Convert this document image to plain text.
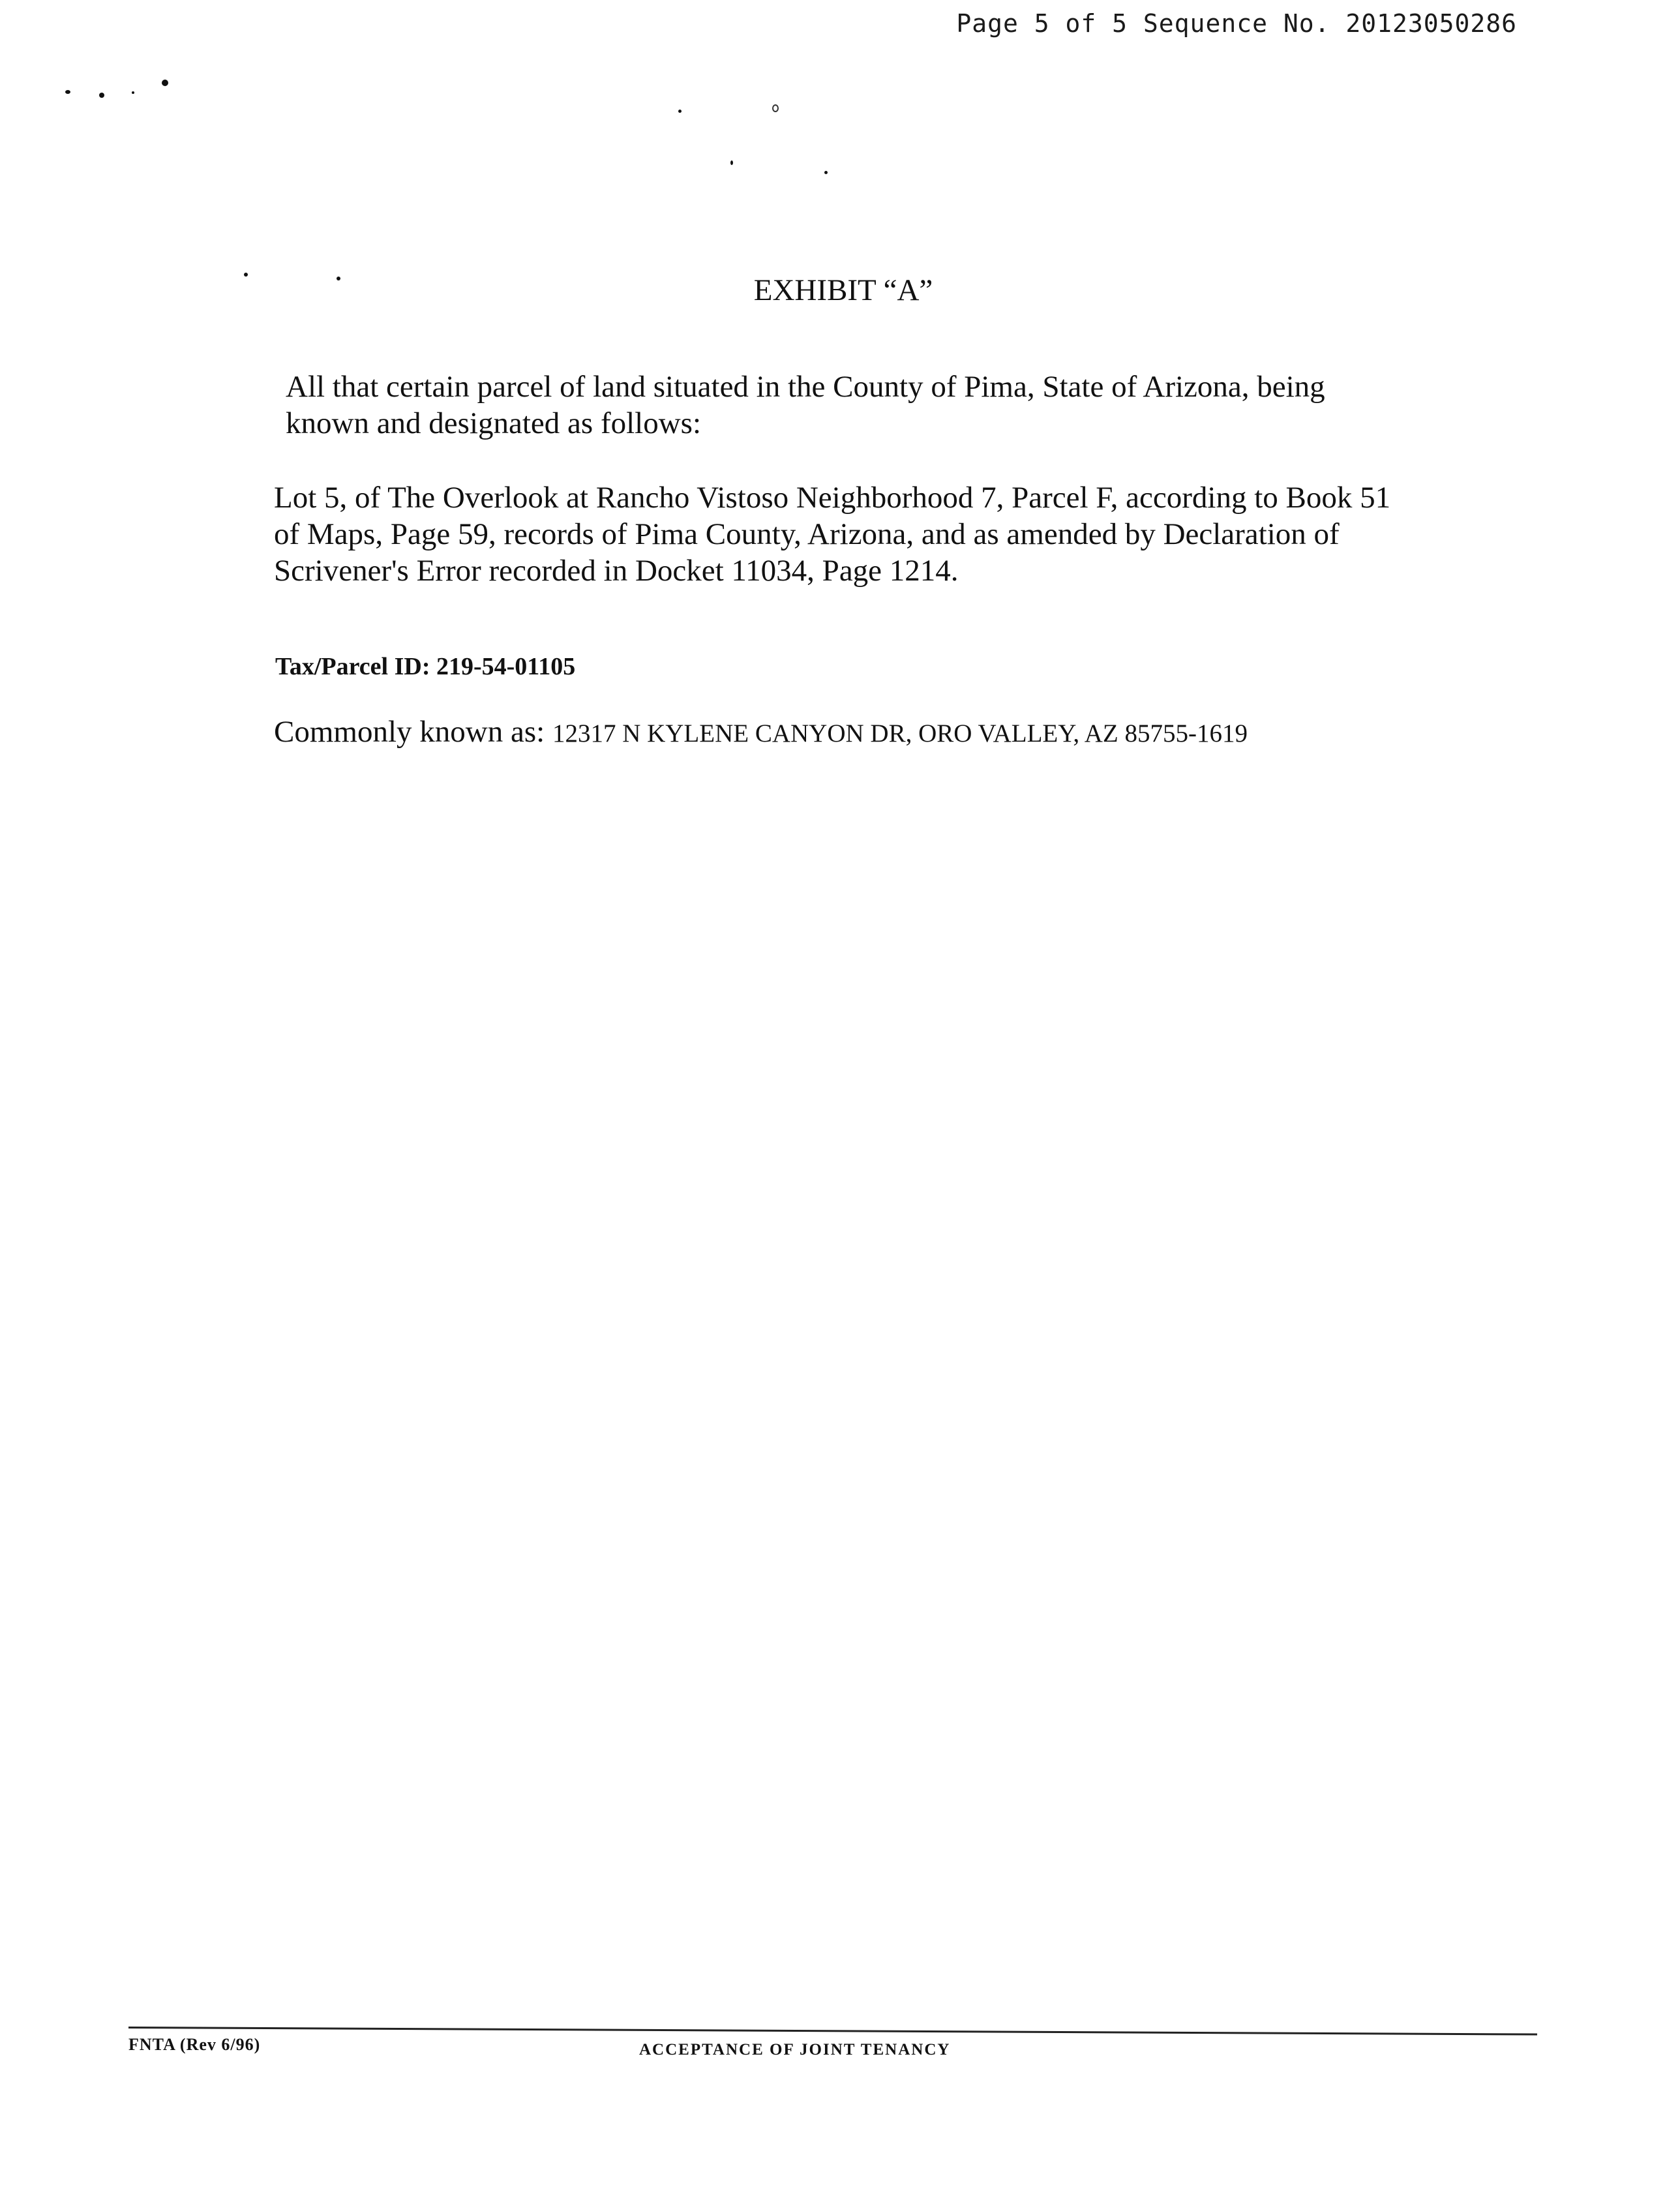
Page 5 of 5 Sequence No. 20123050286
EXHIBIT “A”
All that certain parcel of land situated in the County of Pima, State of Arizona, being known and designated as follows:
Lot 5, of The Overlook at Rancho Vistoso Neighborhood 7, Parcel F, according to Book 51 of Maps, Page 59, records of Pima County, Arizona, and as amended by Declaration of Scrivener's Error recorded in Docket 11034, Page 1214.
Tax/Parcel ID: 219-54-01105
Commonly known as: 12317 N KYLENE CANYON DR, ORO VALLEY, AZ 85755-1619
FNTA (Rev 6/96)	ACCEPTANCE OF JOINT TENANCY
